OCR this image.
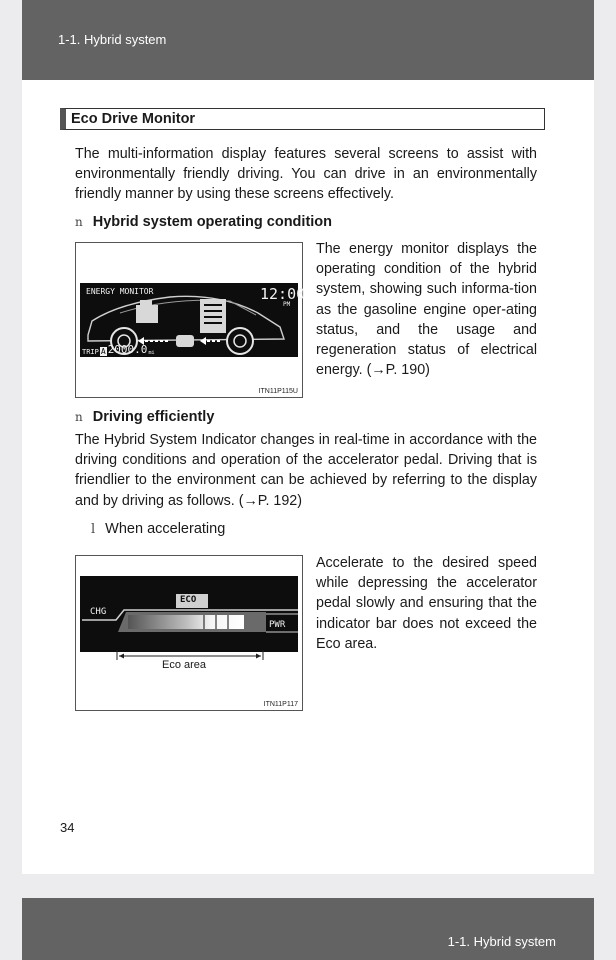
1-1. Hybrid system
Eco Drive Monitor

The multi-information display features several screens to assist with environmentally friendly driving. You can drive in an environmentally friendly manner by using these screens effectively.

n Hybrid system operating condition
ENERGY MONITOR	12:00
PM
TRIP A 2000.0 mi
ITN11P115U

The energy monitor displays the operating condition of the hybrid system, showing such informa-tion as the gasoline engine oper-ating status, and the usage and regeneration status of electrical energy. (→P. 190)

n Driving efficiently

The Hybrid System Indicator changes in real-time in accordance with the driving conditions and operation of the accelerator pedal. Driving that is friendlier to the environment can be achieved by referring to the display and by driving as follows. (→P. 192)

l When accelerating
ECO
CHG
PWR
Eco area
ITN11P117

Accelerate to the desired speed while depressing the accelerator pedal slowly and ensuring that the indicator bar does not exceed the Eco area.

34
1-1. Hybrid system
